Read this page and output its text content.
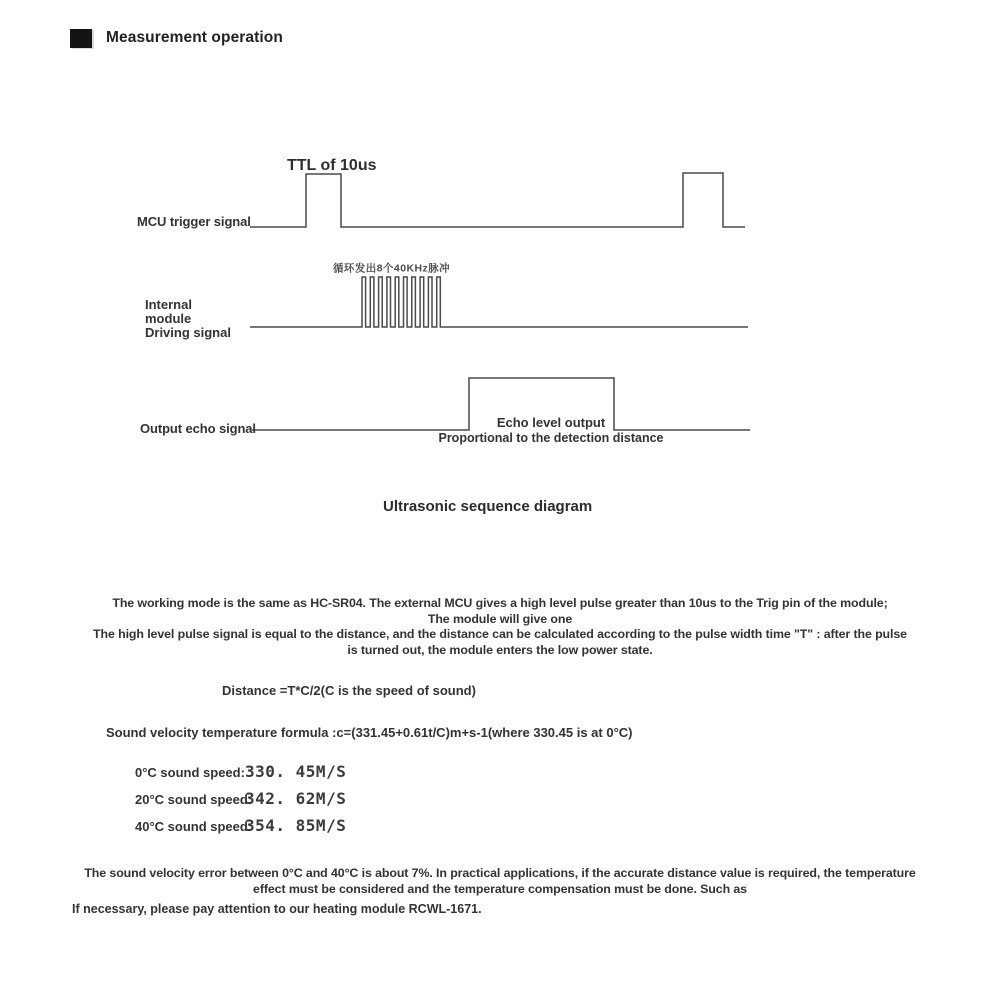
Measurement operation
TTL of 10us
MCU trigger signal
循环发出8个40KHz脉冲
Internal
module
Driving signal
Output echo signal	Echo level output
Proportional to the detection distance
Ultrasonic sequence diagram
The working mode is the same as HC-SR04. The external MCU gives a high level pulse greater than 10us to the Trig pin of the module;
The module will give one
The high level pulse signal is equal to the distance, and the distance can be calculated according to the pulse width time "T" : after the pulse
is turned out, the module enters the low power state.
Distance =T*C/2(C is the speed of sound)
Sound velocity temperature formula :c=(331.45+0.61t/C)m+s-1(where 330.45 is at 0°C)
0°C sound speed: 330. 45M/S
20°C sound speed:
342. 62M/S
40°C sound speed:
354. 85M/S
The sound velocity error between 0°C and 40°C is about 7%. In practical applications, if the accurate distance value is required, the temperature
effect must be considered and the temperature compensation must be done. Such as
If necessary, please pay attention to our heating module RCWL-1671.
